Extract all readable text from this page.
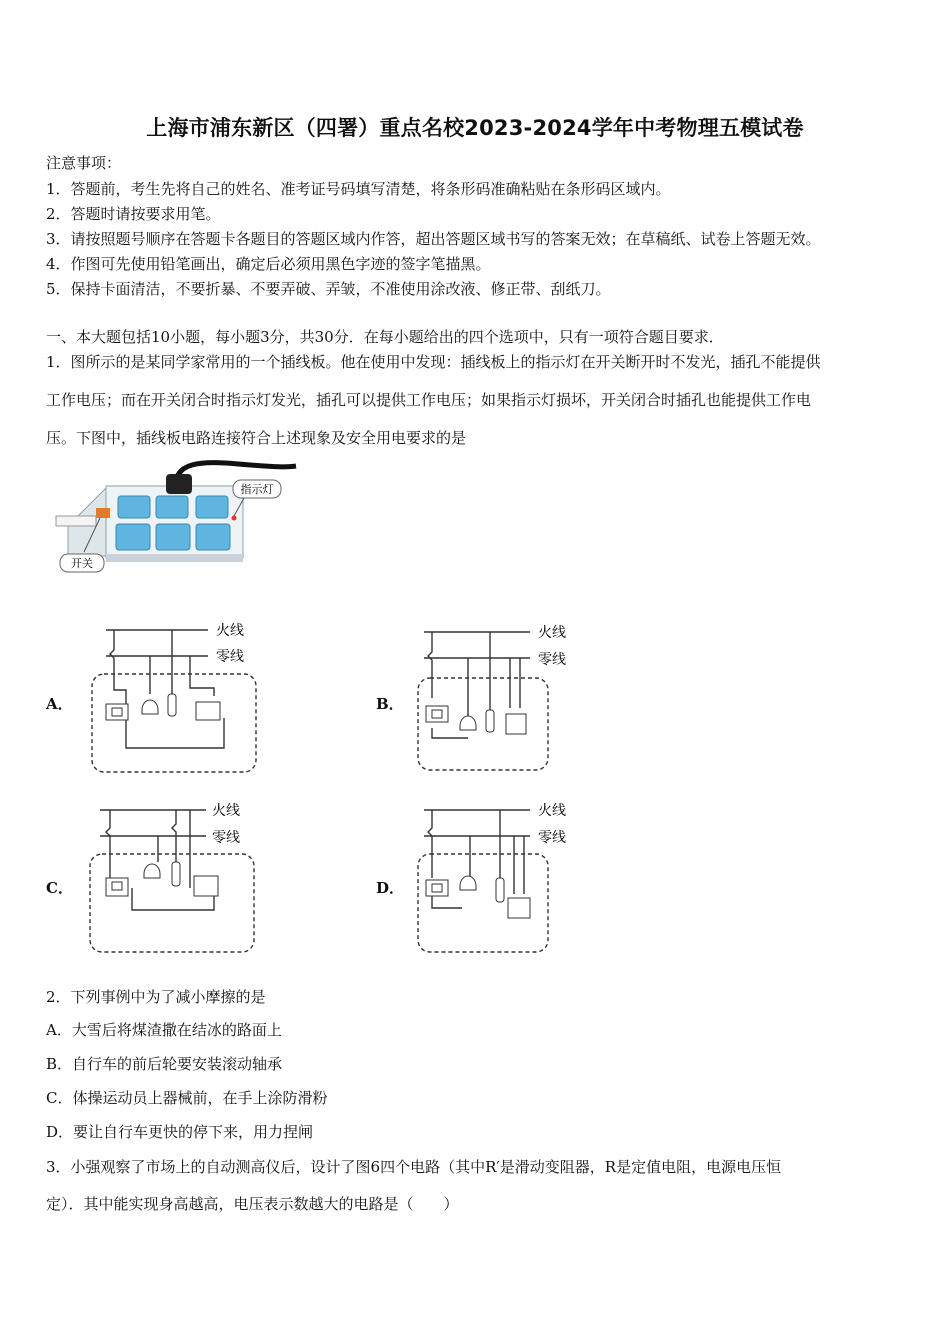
上海市浦东新区（四署）重点名校2023-2024学年中考物理五模试卷
注意事项：
1．答题前，考生先将自己的姓名、准考证号码填写清楚，将条形码准确粘贴在条形码区域内。
2．答题时请按要求用笔。
3．请按照题号顺序在答题卡各题目的答题区域内作答，超出答题区域书写的答案无效；在草稿纸、试卷上答题无效。
4．作图可先使用铅笔画出，确定后必须用黑色字迹的签字笔描黑。
5．保持卡面清洁，不要折暴、不要弄破、弄皱，不准使用涂改液、修正带、刮纸刀。
一、本大题包括10小题，每小题3分，共30分．在每小题给出的四个选项中，只有一项符合题目要求．
1．图所示的是某同学家常用的一个插线板。他在使用中发现：插线板上的指示灯在开关断开时不发光，插孔不能提供
工作电压；而在开关闭合时指示灯发光，插孔可以提供工作电压；如果指示灯损坏，开关闭合时插孔也能提供工作电
压。下图中，插线板电路连接符合上述现象及安全用电要求的是
指示灯
开关
A．	B．
C．	D．
火线
零线
火线
零线
火线
零线
火线
零线
2．下列事例中为了减小摩擦的是
A．大雪后将煤渣撒在结冰的路面上
B．自行车的前后轮要安装滚动轴承
C．体操运动员上器械前，在手上涂防滑粉
D．要让自行车更快的停下来，用力捏闸
3．小强观察了市场上的自动测高仪后，设计了图6四个电路（其中R′是滑动变阻器，R是定值电阻，电源电压恒
定）．其中能实现身高越高，电压表示数越大的电路是（　　）
